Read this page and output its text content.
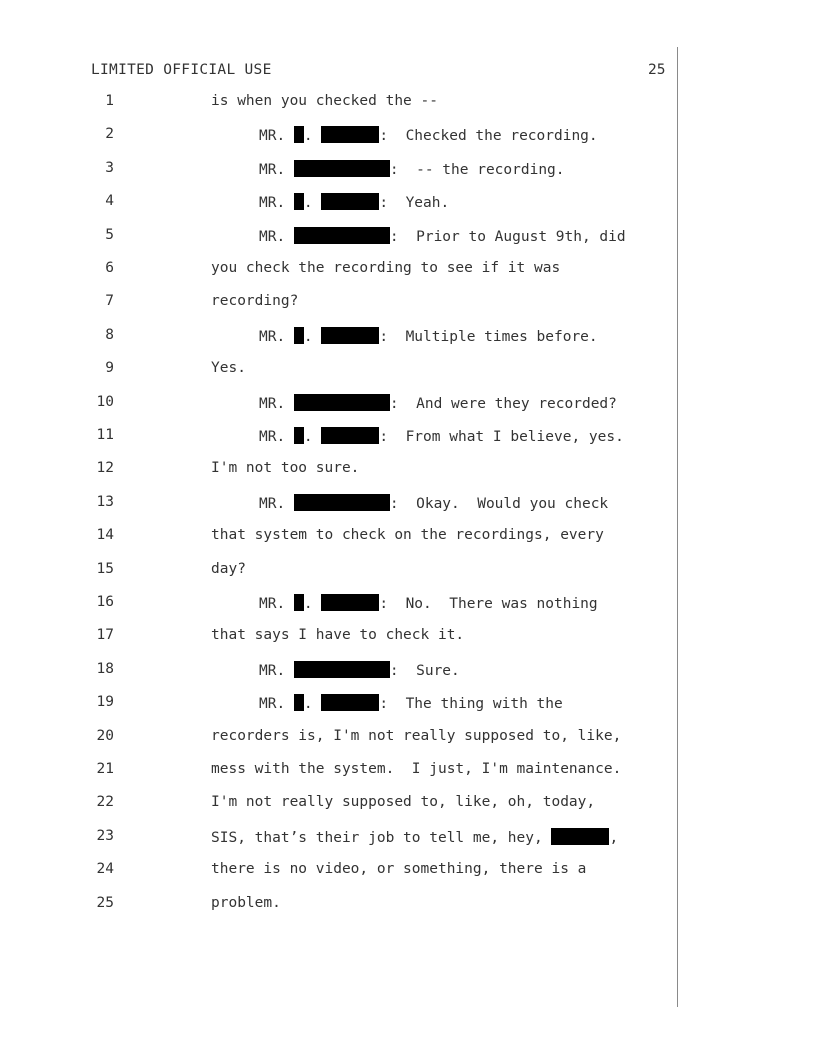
LIMITED OFFICIAL USE	25
1	is when you checked the --
2	MR. .	:  Checked the recording.
3	MR.	:  -- the recording.
4	MR. .	:  Yeah.
5	MR.	:  Prior to August 9th, did
6	you check the recording to see if it was
7	recording?
8	MR. .	:  Multiple times before.
9	Yes.
10	MR.	:  And were they recorded?
11	MR. .	:  From what I believe, yes.
12	I'm not too sure.
13	MR.	:  Okay.  Would you check
14	that system to check on the recordings, every
15	day?
16	MR. .	:  No.  There was nothing
17	that says I have to check it.
18	MR.	:  Sure.
19	MR. .	:  The thing with the
20	recorders is, I'm not really supposed to, like,
21	mess with the system.  I just, I'm maintenance.
22	I'm not really supposed to, like, oh, today,
23	SIS, that’s their job to tell me, hey,	,
24	there is no video, or something, there is a
25	problem.
